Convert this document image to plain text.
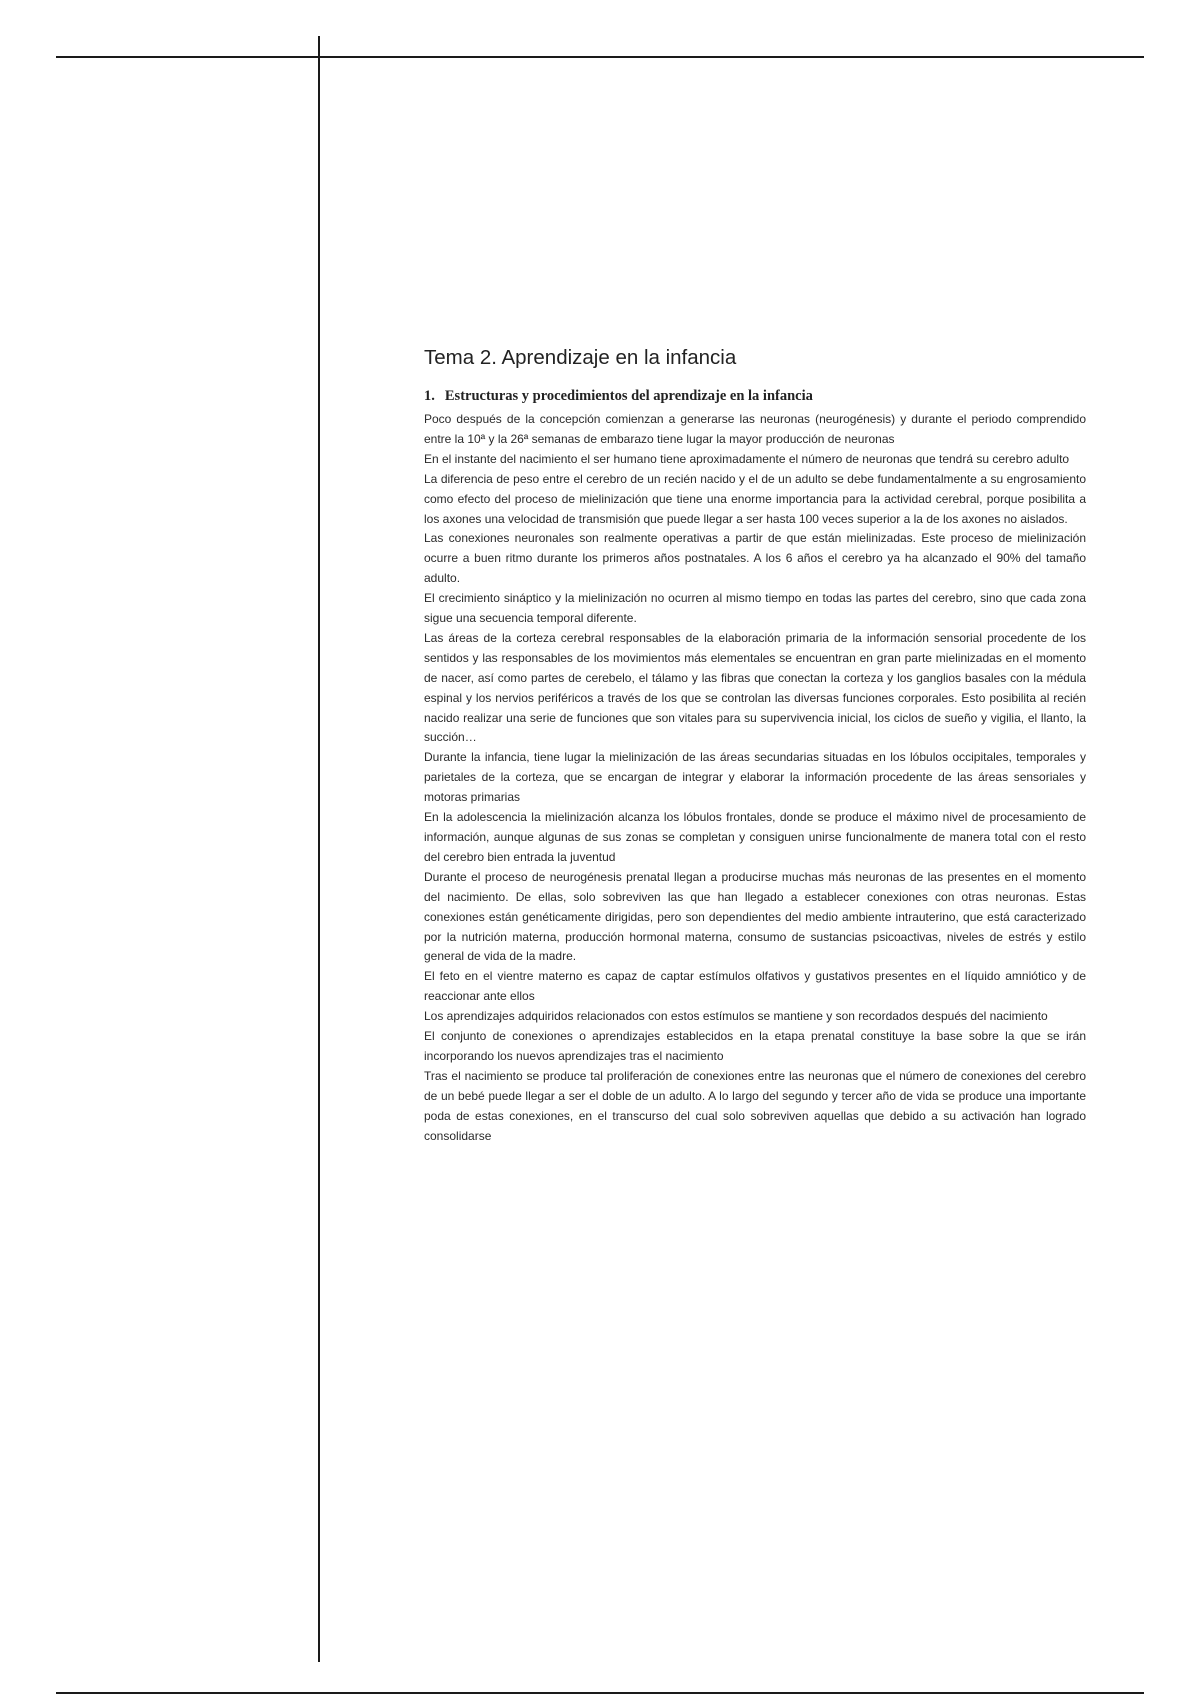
Tema 2. Aprendizaje en la infancia
1. Estructuras y procedimientos del aprendizaje en la infancia

Poco después de la concepción comienzan a generarse las neuronas (neurogénesis) y durante el periodo comprendido entre la 10ª y la 26ª semanas de embarazo tiene lugar la mayor producción de neuronas

En el instante del nacimiento el ser humano tiene aproximadamente el número de neuronas que tendrá su cerebro adulto

La diferencia de peso entre el cerebro de un recién nacido y el de un adulto se debe fundamentalmente a su engrosamiento como efecto del proceso de mielinización que tiene una enorme importancia para la actividad cerebral, porque posibilita a los axones una velocidad de transmisión que puede llegar a ser hasta 100 veces superior a la de los axones no aislados.

Las conexiones neuronales son realmente operativas a partir de que están mielinizadas. Este proceso de mielinización ocurre a buen ritmo durante los primeros años postnatales. A los 6 años el cerebro ya ha alcanzado el 90% del tamaño adulto.

El crecimiento sináptico y la mielinización no ocurren al mismo tiempo en todas las partes del cerebro, sino que cada zona sigue una secuencia temporal diferente.

Las áreas de la corteza cerebral responsables de la elaboración primaria de la información sensorial procedente de los sentidos y las responsables de los movimientos más elementales se encuentran en gran parte mielinizadas en el momento de nacer, así como partes de cerebelo, el tálamo y las fibras que conectan la corteza y los ganglios basales con la médula espinal y los nervios periféricos a través de los que se controlan las diversas funciones corporales. Esto posibilita al recién nacido realizar una serie de funciones que son vitales para su supervivencia inicial, los ciclos de sueño y vigilia, el llanto, la succión…

Durante la infancia, tiene lugar la mielinización de las áreas secundarias situadas en los lóbulos occipitales, temporales y parietales de la corteza, que se encargan de integrar y elaborar la información procedente de las áreas sensoriales y motoras primarias

En la adolescencia la mielinización alcanza los lóbulos frontales, donde se produce el máximo nivel de procesamiento de información, aunque algunas de sus zonas se completan y consiguen unirse funcionalmente de manera total con el resto del cerebro bien entrada la juventud

Durante el proceso de neurogénesis prenatal llegan a producirse muchas más neuronas de las presentes en el momento del nacimiento. De ellas, solo sobreviven las que han llegado a establecer conexiones con otras neuronas. Estas conexiones están genéticamente dirigidas, pero son dependientes del medio ambiente intrauterino, que está caracterizado por la nutrición materna, producción hormonal materna, consumo de sustancias psicoactivas, niveles de estrés y estilo general de vida de la madre.

El feto en el vientre materno es capaz de captar estímulos olfativos y gustativos presentes en el líquido amniótico y de reaccionar ante ellos

Los aprendizajes adquiridos relacionados con estos estímulos se mantiene y son recordados después del nacimiento

El conjunto de conexiones o aprendizajes establecidos en la etapa prenatal constituye la base sobre la que se irán incorporando los nuevos aprendizajes tras el nacimiento

Tras el nacimiento se produce tal proliferación de conexiones entre las neuronas que el número de conexiones del cerebro de un bebé puede llegar a ser el doble de un adulto. A lo largo del segundo y tercer año de vida se produce una importante poda de estas conexiones, en el transcurso del cual solo sobreviven aquellas que debido a su activación han logrado consolidarse
